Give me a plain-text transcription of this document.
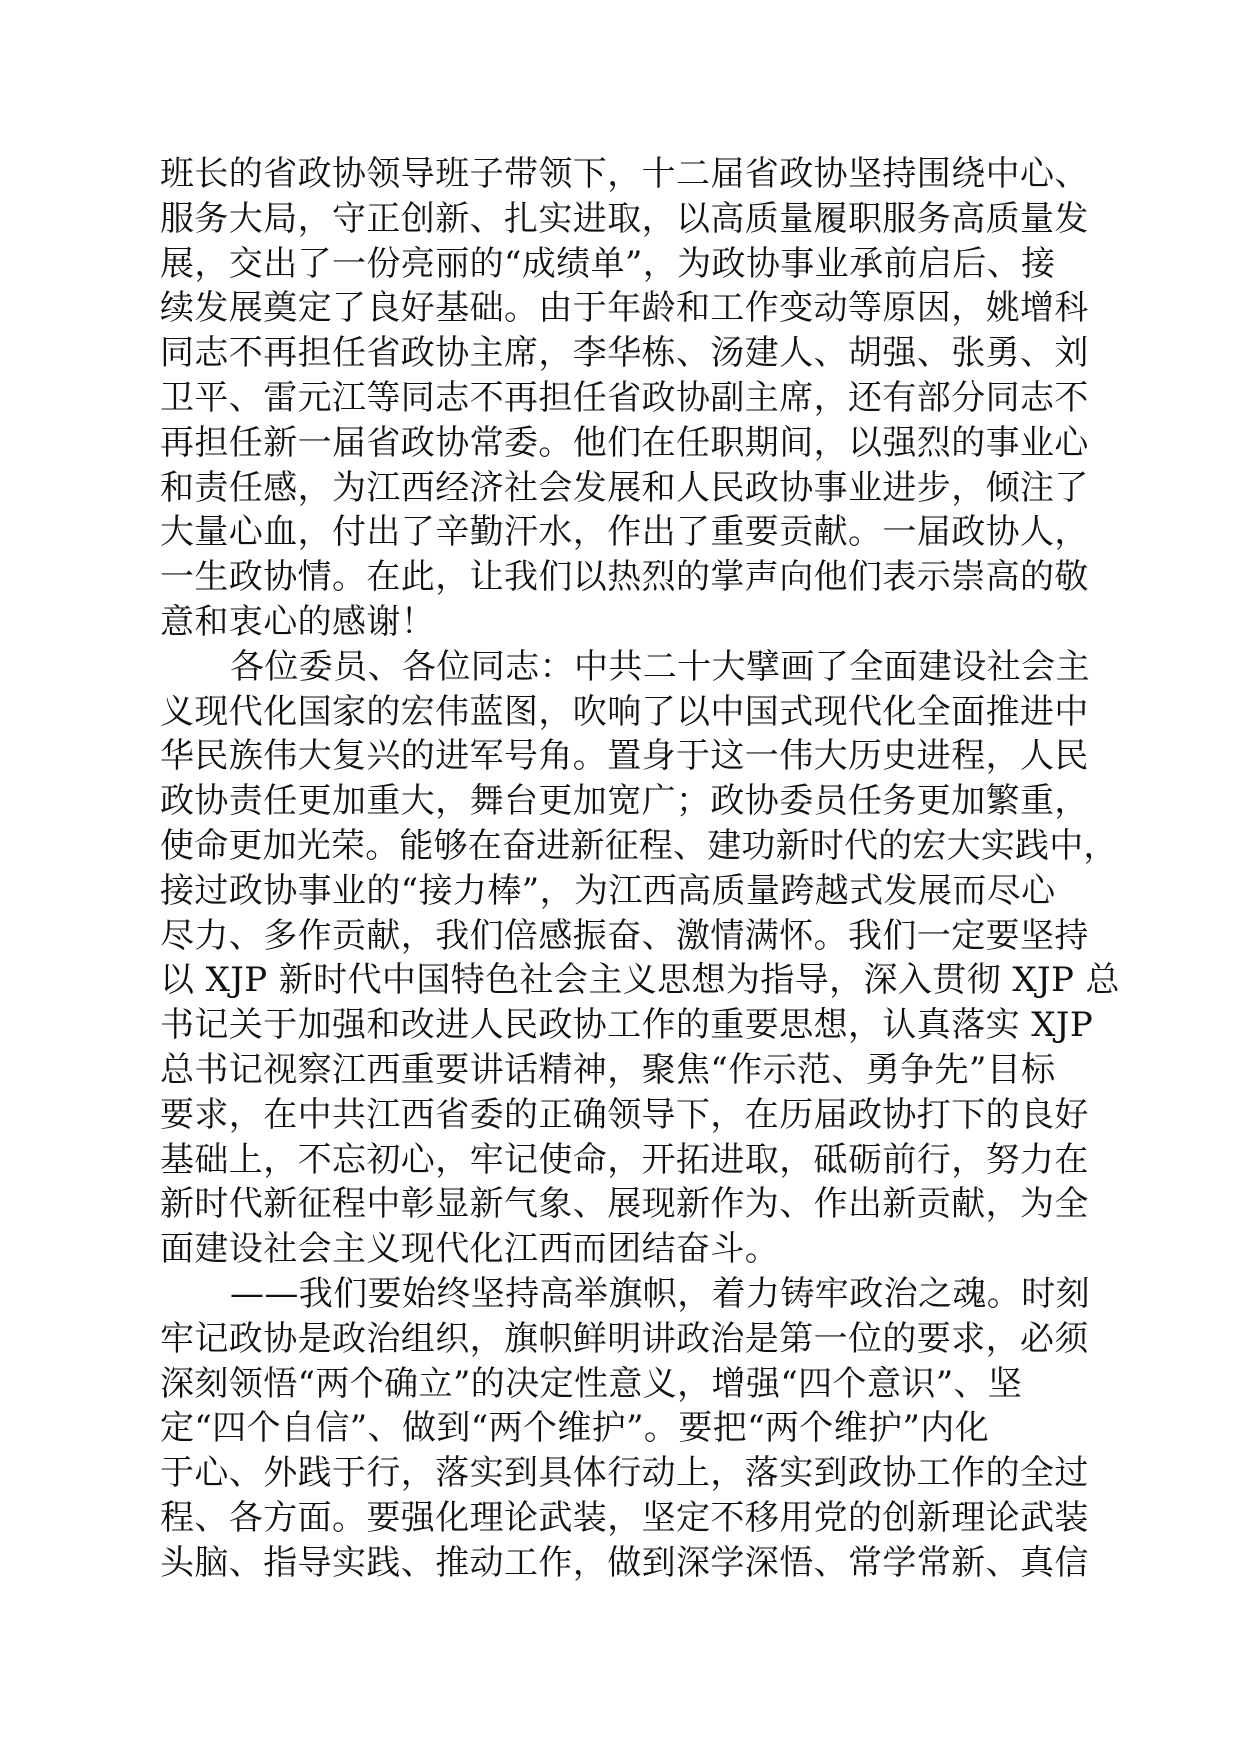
班长的省政协领导班子带领下，十二届省政协坚持围绕中心、
服务大局，守正创新、扎实进取，以高质量履职服务高质量发
展，交出了一份亮丽的“成绩单”，为政协事业承前启后、接
续发展奠定了良好基础。由于年龄和工作变动等原因，姚增科
同志不再担任省政协主席，李华栋、汤建人、胡强、张勇、刘
卫平、雷元江等同志不再担任省政协副主席，还有部分同志不
再担任新一届省政协常委。他们在任职期间，以强烈的事业心
和责任感，为江西经济社会发展和人民政协事业进步，倾注了
大量心血，付出了辛勤汗水，作出了重要贡献。一届政协人，
一生政协情。在此，让我们以热烈的掌声向他们表示崇高的敬
意和衷心的感谢！
各位委员、各位同志：中共二十大擘画了全面建设社会主
义现代化国家的宏伟蓝图，吹响了以中国式现代化全面推进中
华民族伟大复兴的进军号角。置身于这一伟大历史进程，人民
政协责任更加重大，舞台更加宽广；政协委员任务更加繁重，
使命更加光荣。能够在奋进新征程、建功新时代的宏大实践中，
接过政协事业的“接力棒”，为江西高质量跨越式发展而尽心
尽力、多作贡献，我们倍感振奋、激情满怀。我们一定要坚持
以 XJP 新时代中国特色社会主义思想为指导，深入贯彻 XJP 总
书记关于加强和改进人民政协工作的重要思想，认真落实 XJP
总书记视察江西重要讲话精神，聚焦“作示范、勇争先”目标
要求，在中共江西省委的正确领导下，在历届政协打下的良好
基础上，不忘初心，牢记使命，开拓进取，砥砺前行，努力在
新时代新征程中彰显新气象、展现新作为、作出新贡献，为全
面建设社会主义现代化江西而团结奋斗。
——我们要始终坚持高举旗帜，着力铸牢政治之魂。时刻
牢记政协是政治组织，旗帜鲜明讲政治是第一位的要求，必须
深刻领悟“两个确立”的决定性意义，增强“四个意识”、坚
定“四个自信”、做到“两个维护”。要把“两个维护”内化
于心、外践于行，落实到具体行动上，落实到政协工作的全过
程、各方面。要强化理论武装，坚定不移用党的创新理论武装
头脑、指导实践、推动工作，做到深学深悟、常学常新、真信
